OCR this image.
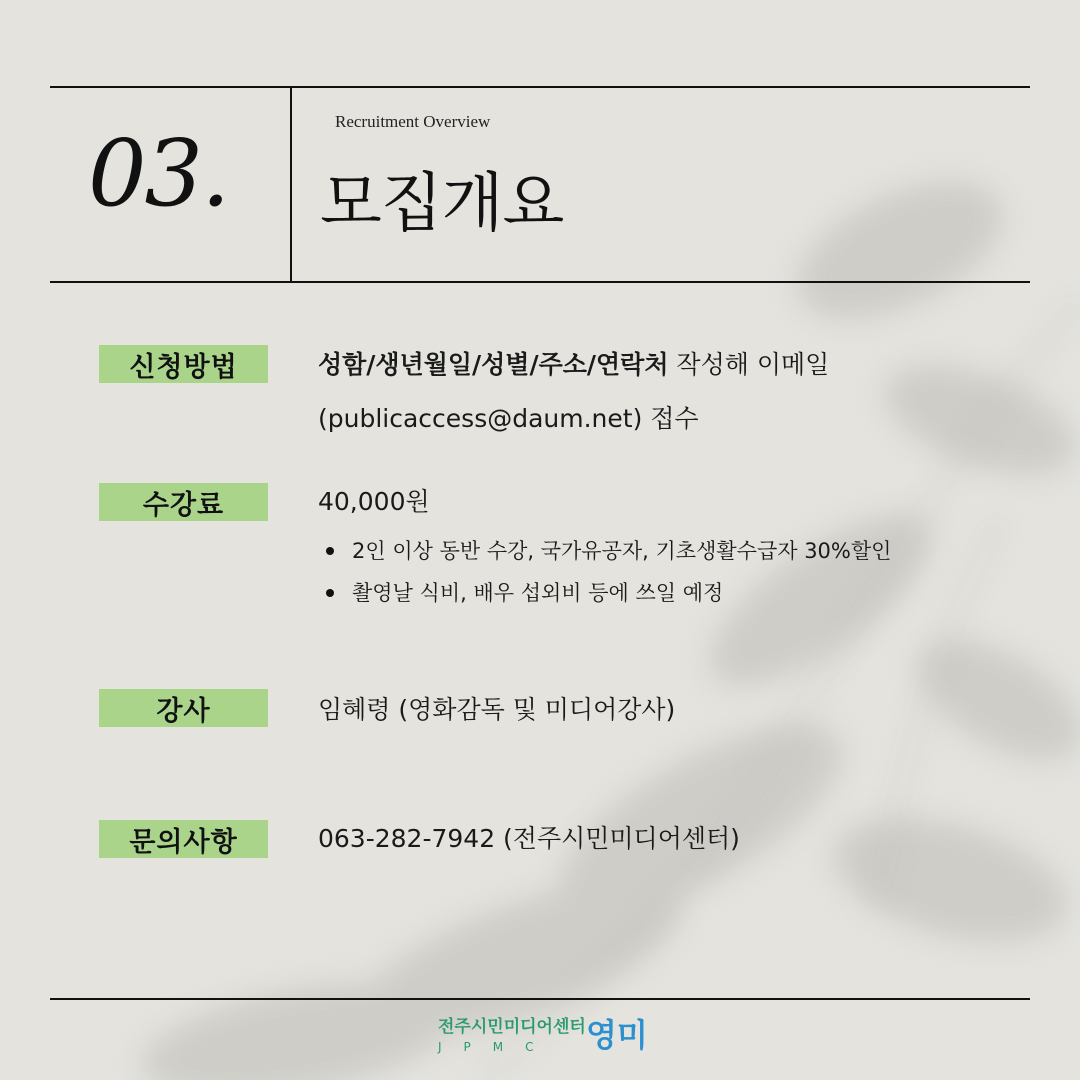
03.	Recruitment Overview
모집개요
신청방법	성함/생년월일/성별/주소/연락처 작성해 이메일
(publicaccess@daum.net) 접수
수강료	40,000원
2인 이상 동반 수강, 국가유공자, 기초생활수급자 30%할인
촬영날 식비, 배우 섭외비 등에 쓰일 예정
강사	임혜령 (영화감독 및 미디어강사)
문의사항	063-282-7942 (전주시민미디어센터)
전주시민미디어센터
JPMC 영미
